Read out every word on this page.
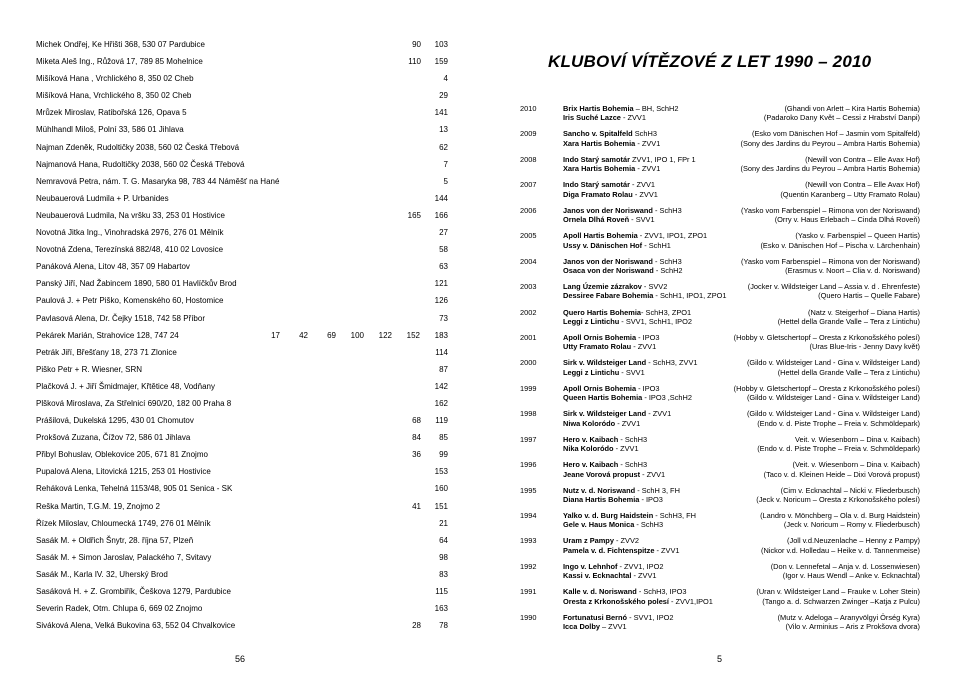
Michek Ondřej, Ke Hřišti 368, 530 07 Pardubice	90	103
Miketa Aleš Ing., Růžová 17, 789 85 Mohelnice	110	159
Mišíková Hana , Vrchlického 8, 350 02 Cheb	4
Mišíková Hana, Vrchlického 8, 350 02 Cheb	29
Mrůzek Miroslav, Ratibořská 126, Opava 5	141
Mühlhandl Miloš, Polní 33, 586 01 Jihlava	13
Najman Zdeněk, Rudoltičky 2038, 560 02 Česká Třebová	62
Najmanová Hana, Rudoltičky 2038, 560 02 Česká Třebová	7
Nemravová Petra, nám. T. G. Masaryka 98, 783 44 Náměšť na Hané	5
Neubauerová Ludmila + P. Urbanides	144
Neubauerová Ludmila, Na vršku 33, 253 01 Hostivice	165	166
Novotná Jitka Ing., Vinohradská 2976, 276 01 Mělník	27
Novotná Zdena, Terezínská 882/48, 410 02 Lovosice	58
Panáková Alena, Litov 48, 357 09 Habartov	63
Panský Jiří, Nad Žabincem 1890, 580 01 Havlíčkův Brod	121
Paulová J. + Petr Piško, Komenského 60, Hostomice	126
Pavlasová Alena, Dr. Čejky 1518, 742 58 Příbor	73
Pekárek Marián, Strahovice 128, 747 24	17	42	69	100	122	152	183
Petrák Jiří, Břešťany 18, 273 71 Zlonice	114
Piško Petr + R. Wiesner, SRN	87
Plačková J. + Jiří Šmidmajer, Křtětice 48, Vodňany	142
Plšková Miroslava, Za Střelnicí 690/20, 182 00 Praha 8	162
Prášilová, Dukelská 1295, 430 01 Chomutov	68	119
Prokšová Zuzana, Čížov 72, 586 01 Jihlava	84	85
Přibyl Bohuslav, Oblekovice 205, 671 81 Znojmo	36	99
Pupalová Alena, Litovická 1215, 253 01 Hostivice	153
Reháková Lenka, Tehelná 1153/48, 905 01 Senica - SK	160
Reška Martin, T.G.M. 19, Znojmo 2	41	151
Řízek Miloslav, Chloumecká 1749, 276 01 Mělník	21
Sasák M. + Oldřich Šnytr, 28. října 57, Plzeň	64
Sasák M. + Simon Jaroslav, Palackého 7, Svitavy	98
Sasák M., Karla IV. 32, Uherský Brod	83
Sasáková H. + Z. Grombiřík, Češkova 1279, Pardubice	115
Severin Radek, Otm. Chlupa 6, 669 02 Znojmo	163
Siváková Alena, Velká Bukovina 63, 552 04 Chvalkovice	28	78
56
KLUBOVÍ VÍTĚZOVÉ Z LET 1990 – 2010
2010	Brix Hartis Bohemia – BH, SchH2	(Ghandi von Arlett – Kira Hartis Bohemia)
Iris Suché Lazce - ZVV1	(Padaroko Dany Květ – Cessi z Hrabství Danpi)
2009	Sancho v. Spitalfeld SchH3	(Esko vom Dänischen Hof – Jasmin vom Spitalfeld)
Xara Hartis Bohemia - ZVV1	(Sony des Jardins du Peyrou – Ambra Hartis Bohemia)
2008	Indo Starý samotár ZVV1, IPO 1, FPr 1	(Newill von Contra – Elle Avax Hof)
Xara Hartis Bohemia - ZVV1	(Sony des Jardins du Peyrou – Ambra Hartis Bohemia)
2007	Indo Starý samotár - ZVV1	(Newill von Contra – Elle Avax Hof)
Diga Framato Rolau - ZVV1	(Quentin Karanberg – Utty Framato Rolau)
2006	Janos von der Noriswand - SchH3	(Yasko vom Farbenspiel – Rimona von der Noriswand)
Ornela Dlhá Roveň - SVV1	(Orry v. Haus Erlebach – Cinda Dlhá Roveň)
2005	Apoll Hartis Bohemia - ZVV1, IPO1, ZPO1	(Yasko v. Farbenspiel – Queen Hartis)
Ussy v. Dänischen Hof - SchH1	(Esko v. Dänischen Hof – Pischa v. Lärchenhain)
2004	Janos von der Noriswand - SchH3	(Yasko vom Farbenspiel – Rimona von der Noriswand)
Osaca von der Noriswand - SchH2	(Erasmus v. Noort – Clia v. d. Noriswand)
2003	Lang Územie zázrakov - SVV2	(Jocker v. Wildsteiger Land – Assia v. d . Ehrenfeste)
Dessiree Fabare Bohemia - SchH1, IPO1, ZPO1	(Quero Hartis – Quelle Fabare)
2002	Quero Hartis Bohemia- SchH3, ZPO1	(Natz v. Steigerhof – Diana Hartis)
Leggi z Lintichu - SVV1, SchH1, IPO2	(Hettel della Grande Valle – Tera z Lintichu)
2001	Apoll Ornis Bohemia - IPO3	(Hobby v. Gletschertopf – Oresta z Krkonošského polesí)
Utty Framato Rolau - ZVV1	(Uras Blue-Iris - Jenny Davy květ)
2000	Sirk v. Wildsteiger Land - SchH3, ZVV1	(Gildo v. Wildsteiger Land - Gina v. Wildsteiger Land)
Leggi z Lintichu - SVV1	(Hettel della Grande Valle – Tera z Lintichu)
1999	Apoll Ornis Bohemia - IPO3	(Hobby v. Gletschertopf – Oresta z Krkonošského polesí)
Queen Hartis Bohemia - IPO3 ,SchH2	(Gildo v. Wildsteiger Land - Gina v. Wildsteiger Land)
1998	Sirk v. Wildsteiger Land - ZVV1	(Gildo v. Wildsteiger Land - Gina v. Wildsteiger Land)
Niwa Koloródo - ZVV1	(Endo v. d. Piste Trophe – Freia v. Schmöldepark)
1997	Hero v. Kaibach - SchH3	Veit. v. Wiesenborn – Dina v. Kaibach)
Nika Koloródo - ZVV1	(Endo v. d. Piste Trophe – Freia v. Schmöldepark)
1996	Hero v. Kaibach - SchH3	(Veit. v. Wiesenborn – Dina v. Kaibach)
Jeane Vorová propust - ZVV1	(Taco v. d. Kleinen Heide – Dixi Vorová propust)
1995	Nutz v. d. Noriswand - SchH 3, FH	(Cim v. Ecknachtal – Nicki v. Fliederbusch)
Diana Hartis Bohemia - IPO3	(Jeck v. Noricum – Oresta z Krkonošského polesí)
1994	Yalko v. d. Burg Haidstein - SchH3, FH	(Landro v. Mönchberg – Ola v. d. Burg Haidstein)
Gele v. Haus Monica - SchH3	(Jeck v. Noricum – Romy v. Fliederbusch)
1993	Uram z Pampy - ZVV2	(Joll v.d.Neuzenlache – Henny z Pampy)
Pamela v. d. Fichtenspitze - ZVV1	(Nickor v.d. Holledau – Heike v. d. Tannenmeise)
1992	Ingo v. Lehnhof - ZVV1, IPO2	(Don v. Lennefetal – Anja v. d. Lossenwiesen)
Kassi v. Ecknachtal - ZVV1	(Igor v. Haus Wendl – Anke v. Ecknachtal)
1991	Kalle v. d. Noriswand - SchH3, IPO3	(Uran v. Wildsteiger Land – Frauke v. Loher Stein)
Oresta z Krkonošského polesí - ZVV1,IPO1	(Tango a. d. Schwarzen Zwinger –Katja z Pulcu)
1990	Fortunatusi Bernó - SVV1, IPO2	(Mutz v. Adeloga – Aranyvölgyi Örség Kyra)
Icca Dolby – ZVV1	(Vilo v. Arminius – Aris z Prokšova dvora)
5
